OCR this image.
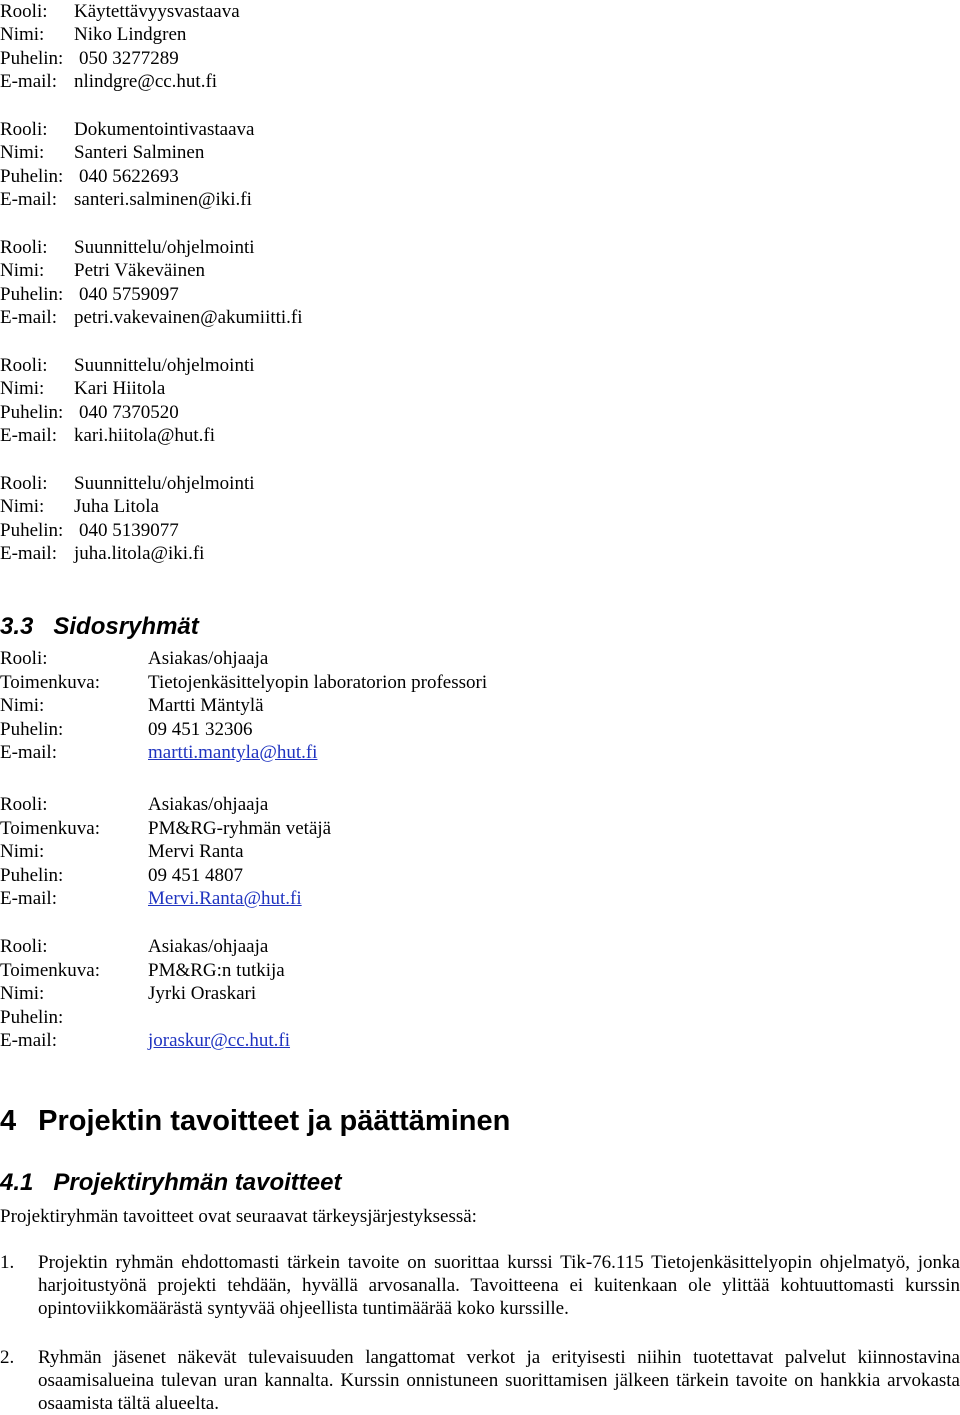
Rooli: Käytettävyysvastaava
Nimi: Niko Lindgren
Puhelin: 050 3277289
E-mail: nlindgre@cc.hut.fi
Rooli: Dokumentointivastaava
Nimi: Santeri Salminen
Puhelin: 040 5622693
E-mail: santeri.salminen@iki.fi
Rooli: Suunnittelu/ohjelmointi
Nimi: Petri Väkeväinen
Puhelin: 040 5759097
E-mail: petri.vakevainen@akumiitti.fi
Rooli: Suunnittelu/ohjelmointi
Nimi: Kari Hiitola
Puhelin: 040 7370520
E-mail: kari.hiitola@hut.fi
Rooli: Suunnittelu/ohjelmointi
Nimi: Juha Litola
Puhelin: 040 5139077
E-mail: juha.litola@iki.fi
3.3 Sidosryhmät
Rooli:	Asiakas/ohjaaja
Toimenkuva:	Tietojenkäsittelyopin laboratorion professori
Nimi:	Martti Mäntylä
Puhelin:	09 451 32306
E-mail:	martti.mantyla@hut.fi
Rooli:	Asiakas/ohjaaja
Toimenkuva:	PM&RG-ryhmän vetäjä
Nimi:	Mervi Ranta
Puhelin:	09 451 4807
E-mail:	Mervi.Ranta@hut.fi
Rooli:	Asiakas/ohjaaja
Toimenkuva:	PM&RG:n tutkija
Nimi:	Jyrki Oraskari
Puhelin:
E-mail:	joraskur@cc.hut.fi
4 Projektin tavoitteet ja päättäminen
4.1 Projektiryhmän tavoitteet
Projektiryhmän tavoitteet ovat seuraavat tärkeysjärjestyksessä:
1. Projektin ryhmän ehdottomasti tärkein tavoite on suorittaa kurssi Tik-76.115 Tietojenkäsittelyopin ohjelmatyö, jonka harjoitustyönä projekti tehdään, hyvällä arvosanalla. Tavoitteena ei kuitenkaan ole ylittää kohtuuttomasti kurssin opintoviikkomäärästä syntyvää ohjeellista tuntimäärää koko kurssille.
2. Ryhmän jäsenet näkevät tulevaisuuden langattomat verkot ja erityisesti niihin tuotettavat palvelut kiinnostavina osaamisalueina tulevan uran kannalta. Kurssin onnistuneen suorittamisen jälkeen tärkein tavoite on hankkia arvokasta osaamista tältä alueelta.
